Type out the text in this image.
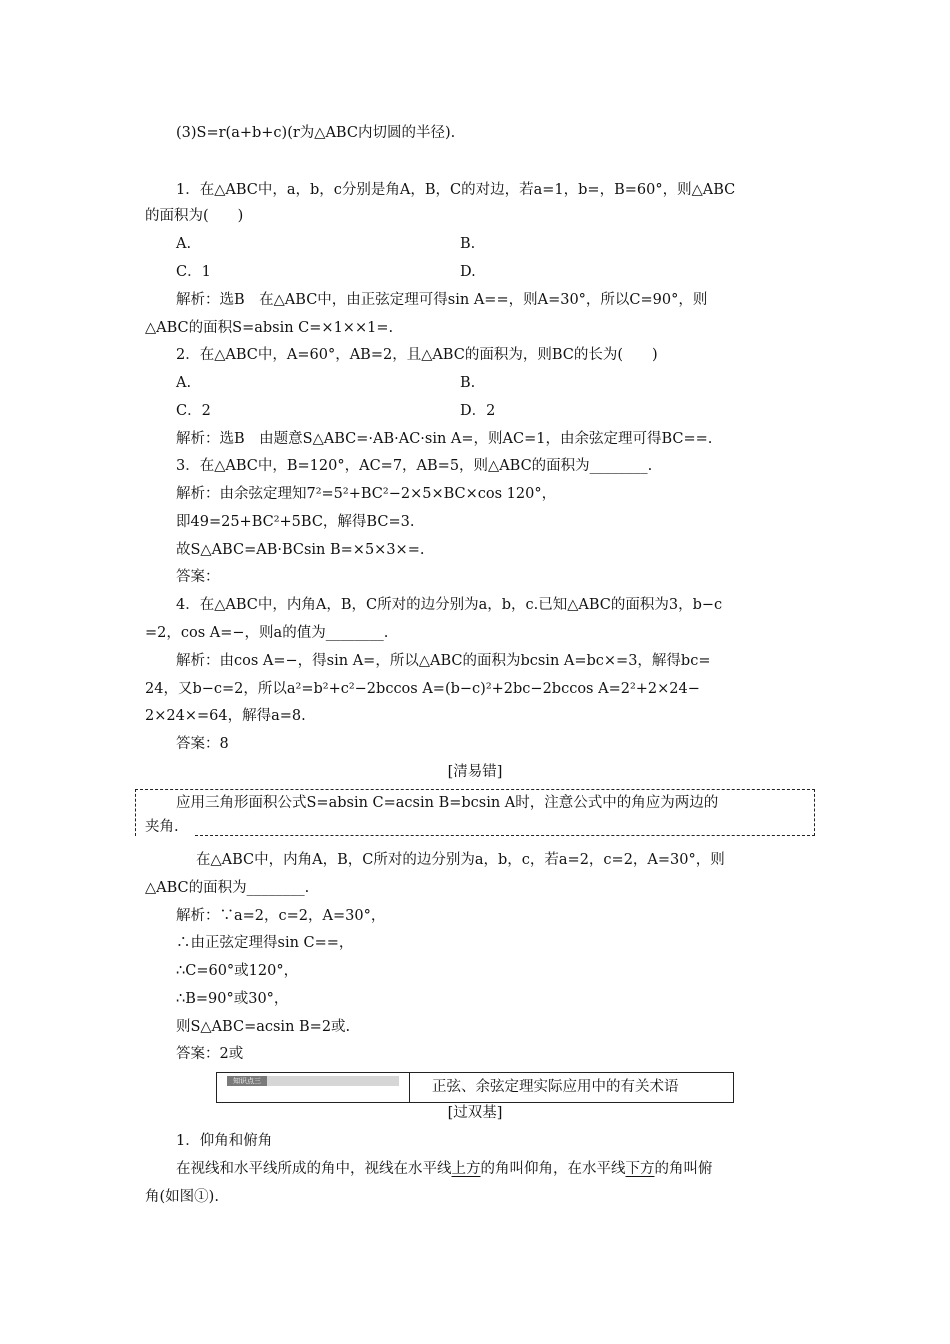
(3)S=r(a+b+c)(r为△ABC内切圆的半径).
1．在△ABC中，a，b，c分别是角A，B，C的对边，若a=1，b=，B=60°，则△ABC
的面积为(　　)
A.	B.
C．1	D.
解析：选B　在△ABC中，由正弦定理可得sin A==，则A=30°，所以C=90°，则
△ABC的面积S=absin C=×1××1=.
2．在△ABC中，A=60°，AB=2，且△ABC的面积为，则BC的长为(　　)
A.	B.
C．2	D．2
解析：选B　由题意S△ABC=·AB·AC·sin A=，则AC=1，由余弦定理可得BC==.
3．在△ABC中，B=120°，AC=7，AB=5，则△ABC的面积为________.
解析：由余弦定理知7²=5²+BC²−2×5×BC×cos 120°，
即49=25+BC²+5BC，解得BC=3.
故S△ABC=AB·BCsin B=×5×3×=.
答案：
4．在△ABC中，内角A，B，C所对的边分别为a，b，c.已知△ABC的面积为3，b−c
=2，cos A=−，则a的值为________.
解析：由cos A=−，得sin A=，所以△ABC的面积为bcsin A=bc×=3，解得bc=
24，又b−c=2，所以a²=b²+c²−2bccos A=(b−c)²+2bc−2bccos A=2²+2×24−
2×24×=64，解得a=8.
答案：8
[清易错]
应用三角形面积公式S=absin C=acsin B=bcsin A时，注意公式中的角应为两边的
夹角.
在△ABC中，内角A，B，C所对的边分别为a，b，c，若a=2，c=2，A=30°，则
△ABC的面积为________.
解析：∵a=2，c=2，A=30°，
∴由正弦定理得sin C==，
∴C=60°或120°，
∴B=90°或30°，
则S△ABC=acsin B=2或.
答案：2或
知识点三	正弦、余弦定理实际应用中的有关术语
[过双基]
1．仰角和俯角
在视线和水平线所成的角中，视线在水平线上方的角叫仰角，在水平线下方的角叫俯
角(如图①).
